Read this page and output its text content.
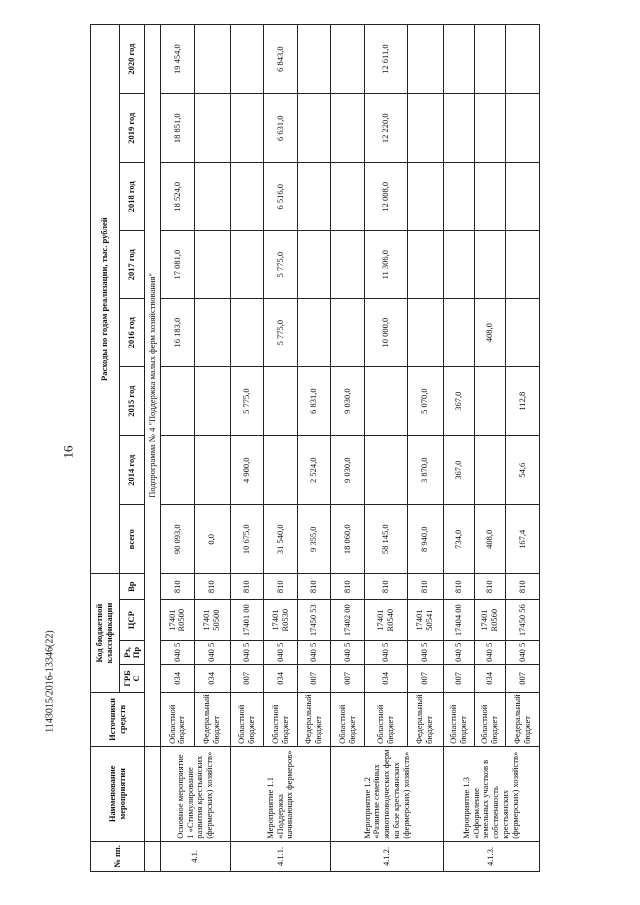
16
1143015/2016-13346(22)
№ пп.	Наименование мероприятия	Источники средств	Код бюджетной классификации				Расходы по годам реализации, тыс. рублей							
			ГРБ С	Рз, Пр	ЦСР	Вр	всего	2014 год	2015 год	2016 год	2017 год	2018 год	2019 год	2020 год
		Подпрограмма № 4 "Поддержка малых ферм хозяйствования"												
4.1.	Основное мероприятие 1 «Стимулирование развития крестьянских (фермерских) хозяйств»	Областной бюджет	034	040 5	17401 R0500	810	90 093,0			16 183,0	17 081,0	18 524,0	18 851,0	19 454,0
		Федеральный бюджет	034	040 5	17401 50500	810	0,0							
4.1.1.	Мероприятие 1.1 «Поддержка начинающих фермеров»	Областной бюджет	007	040 5	17401 00	810	10 675,0	4 900,0	5 775,0					
		Областной бюджет	034	040 5	17401 R0530	810	31 540,0			5 775,0	5 775,0	6 516,0	6 631,0	6 843,0
		Федеральный бюджет	007	040 5	17450 53	810	9 355,0	2 524,0	6 831,0					
4.1.2.	Мероприятие 1.2 «Развитие семейных животноводческих ферм на базе крестьянских (фермерских) хозяйств»	Областной бюджет	007	040 5	17402 00	810	18 060,0	9 030,0	9 030,0					
		Областной бюджет	034	040 5	17401 R0540	810	58 145,0			10 000,0	11 306,0	12 008,0	12 220,0	12 611,0
		Федеральный бюджет	007	040 5	17401 50541	810	8 940,0	3 870,0	5 070,0					
4.1.3.	Мероприятие 1.3 «Оформление земельных участков в собственность крестьянских (фермерских) хозяйств»	Областной бюджет	007	040 5	17404 00	810	734,0	367,0	367,0					
		Областной бюджет	034	040 5	17401 R0560	810	408,0			408,0				
		Федеральный бюджет	007	040 5	17450 56	810	167,4	54,6	112,8					
